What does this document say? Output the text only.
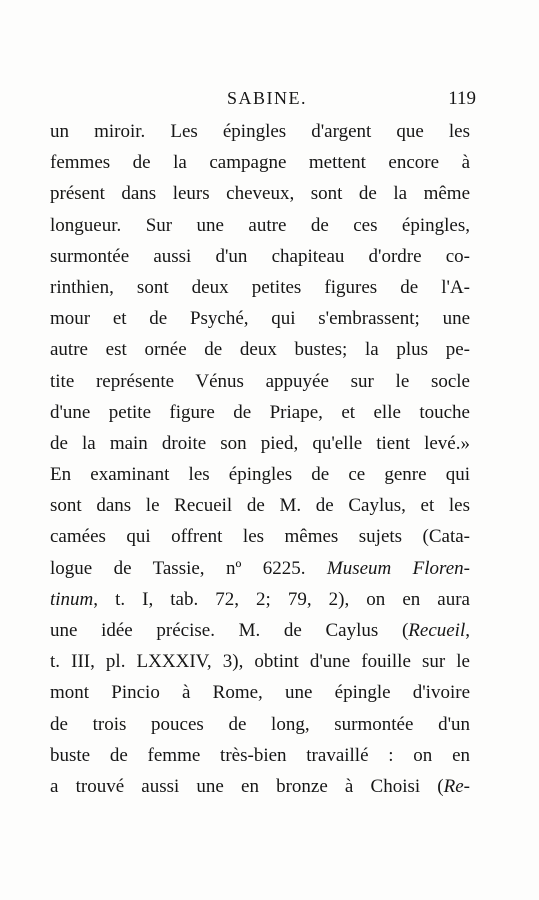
SABINE.	119
un miroir. Les épingles d'argent que les
femmes de la campagne mettent encore à
présent dans leurs cheveux, sont de la même
longueur. Sur une autre de ces épingles,
surmontée aussi d'un chapiteau d'ordre co-
rinthien, sont deux petites figures de l'A-
mour et de Psyché, qui s'embrassent; une
autre est ornée de deux bustes; la plus pe-
tite représente Vénus appuyée sur le socle
d'une petite figure de Priape, et elle touche
de la main droite son pied, qu'elle tient levé.»
En examinant les épingles de ce genre qui
sont dans le Recueil de M. de Caylus, et les
camées qui offrent les mêmes sujets (Cata-
logue de Tassie, nº 6225. Museum Floren-
tinum, t. I, tab. 72, 2; 79, 2), on en aura
une idée précise. M. de Caylus (Recueil,
t. III, pl. LXXXIV, 3), obtint d'une fouille sur le
mont Pincio à Rome, une épingle d'ivoire
de trois pouces de long, surmontée d'un
buste de femme très-bien travaillé : on en
a trouvé aussi une en bronze à Choisi (Re-
